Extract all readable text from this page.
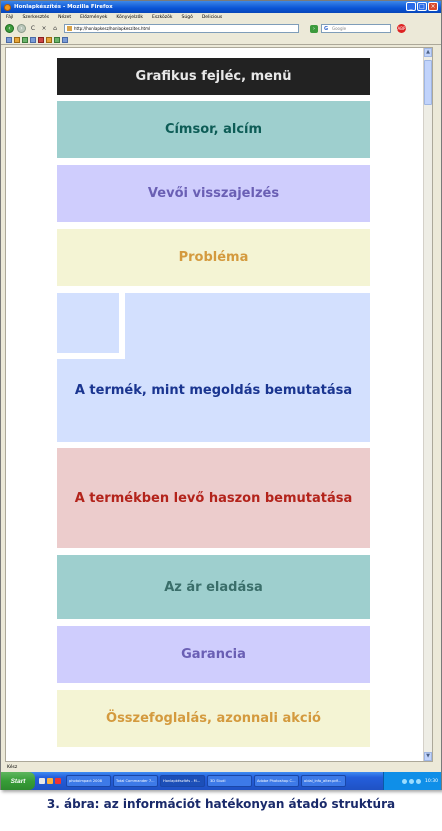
Honlapkészítés - Mozilla Firefox	_	□ ×
Fájl Szerkesztés Nézet Előzmények Könyvjelzők Eszközök Súgó Delicious
‹	›	C	×	⌂	http://honlapkesz/honlapkeszites.html	›	G Google	ABP
Grafikus fejléc, menü
Címsor, alcím
Vevői visszajelzés
Probléma
A termék, mint megoldás bemutatása
A termékben levő haszon bemutatása
Az ár eladása
Garancia
Összefoglalás, azonnali akció
▲
▼
Kész
Start	photoimpact 2008	Total Commander 7...	Honlapkészítés - M...	3D Studi	Adobe Photoshop C...	oldal_info_alter.pdf...	10:30
3. ábra: az információt hatékonyan átadó struktúra
